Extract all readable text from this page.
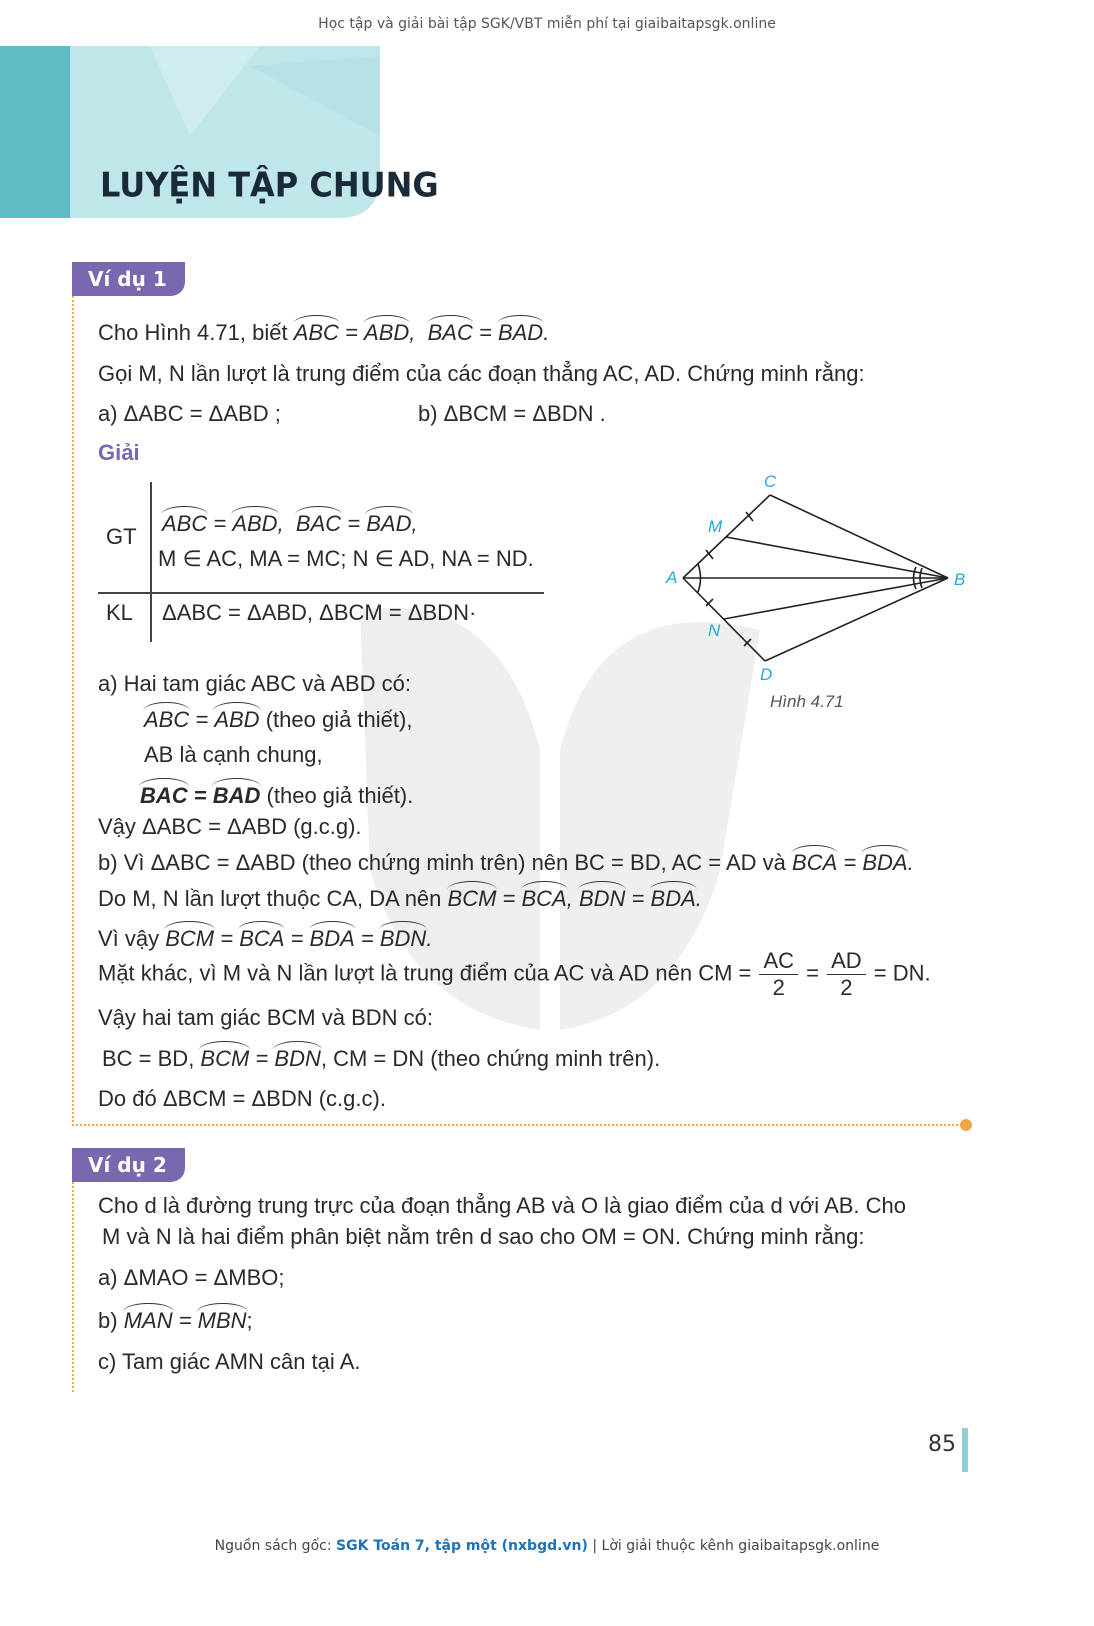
Học tập và giải bài tập SGK/VBT miễn phí tại giaibaitapsgk.online
LUYỆN TẬP CHUNG
Ví dụ 1
Cho Hình 4.71, biết ABC = ABD,  BAC = BAD.
Gọi M, N lần lượt là trung điểm của các đoạn thẳng AC, AD. Chứng minh rằng:
a) ΔABC = ΔABD ;	b) ΔBCM = ΔBDN .
Giải
GT
KL
ABC = ABD,  BAC = BAD,
M ∈ AC, MA = MC; N ∈ AD, NA = ND.
ΔABC = ΔABD, ΔBCM = ΔBDN·
A	B
C
D
M
N
Hình 4.71
a) Hai tam giác ABC và ABD có:
ABC = ABD (theo giả thiết),
AB là cạnh chung,
BAC = BAD (theo giả thiết).
Vậy ΔABC = ΔABD (g.c.g).
b) Vì ΔABC = ΔABD (theo chứng minh trên) nên BC = BD, AC = AD và BCA = BDA.
Do M, N lần lượt thuộc CA, DA nên BCM = BCA, BDN = BDA.
Vì vậy BCM = BCA = BDA = BDN.
Mặt khác, vì M và N lần lượt là trung điểm của AC và AD nên CM = $\frac{AC}{2} = \frac{AD}{2}$ = DN.
Vậy hai tam giác BCM và BDN có:
BC = BD, BCM = BDN, CM = DN (theo chứng minh trên).
Do đó ΔBCM = ΔBDN (c.g.c).
Ví dụ 2
Cho d là đường trung trực của đoạn thẳng AB và O là giao điểm của d với AB. Cho
M và N là hai điểm phân biệt nằm trên d sao cho OM = ON. Chứng minh rằng:
a) ΔMAO = ΔMBO;
b) MAN = MBN;
c) Tam giác AMN cân tại A.
85
Nguồn sách gốc: SGK Toán 7, tập một (nxbgd.vn) | Lời giải thuộc kênh giaibaitapsgk.online
